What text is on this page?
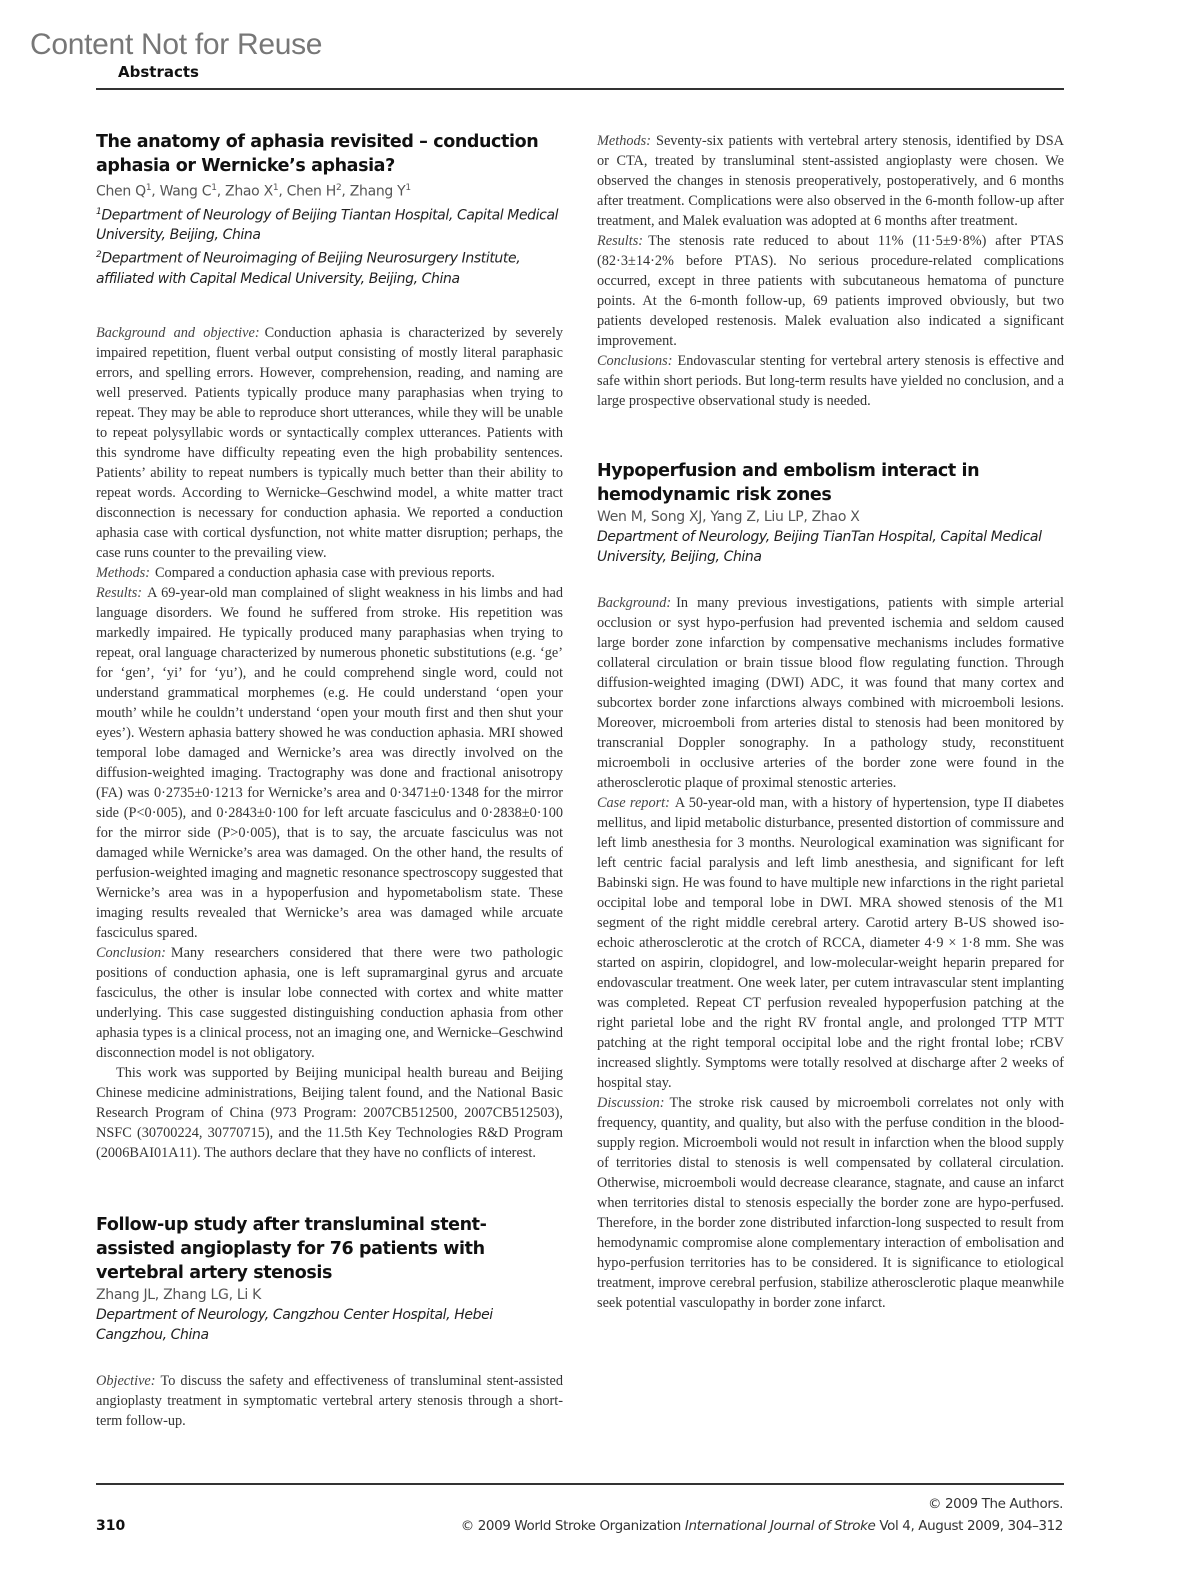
Content Not for Reuse
Abstracts
The anatomy of aphasia revisited – conduction aphasia or Wernicke’s aphasia?

Chen $Q^1$, Wang $C^1$, Zhao $X^1$, Chen $H^2$, Zhang $Y^1$

$^1$Department of Neurology of Beijing Tiantan Hospital, Capital Medical University, Beijing, China

$^2$Department of Neuroimaging of Beijing Neurosurgery Institute, affiliated with Capital Medical University, Beijing, China

Background and objective: Conduction aphasia is characterized by severely impaired repetition, fluent verbal output consisting of mostly literal paraphasic errors, and spelling errors. However, comprehension, reading, and naming are well preserved. Patients typically produce many paraphasias when trying to repeat. They may be able to reproduce short utterances, while they will be unable to repeat polysyllabic words or syntactically complex utterances. Patients with this syndrome have difficulty repeating even the high probability sentences. Patients’ ability to repeat numbers is typically much better than their ability to repeat words. According to Wernicke–Geschwind model, a white matter tract disconnection is necessary for conduction aphasia. We reported a conduction aphasia case with cortical dysfunction, not white matter disruption; perhaps, the case runs counter to the prevailing view.

Methods: Compared a conduction aphasia case with previous reports.

Results: A 69-year-old man complained of slight weakness in his limbs and had language disorders. We found he suffered from stroke. His repetition was markedly impaired. He typically produced many paraphasias when trying to repeat, oral language characterized by numerous phonetic substitutions (e.g. ‘ge’ for ‘gen’, ‘yi’ for ‘yu’), and he could comprehend single word, could not understand grammatical morphemes (e.g. He could understand ‘open your mouth’ while he couldn’t understand ‘open your mouth first and then shut your eyes’). Western aphasia battery showed he was conduction aphasia. MRI showed temporal lobe damaged and Wernicke’s area was directly involved on the diffusion-weighted imaging. Tractography was done and fractional anisotropy (FA) was 0·2735±0·1213 for Wernicke’s area and 0·3471±0·1348 for the mirror side (P<0·005), and 0·2843±0·100 for left arcuate fasciculus and 0·2838±0·100 for the mirror side (P>0·005), that is to say, the arcuate fasciculus was not damaged while Wernicke’s area was damaged. On the other hand, the results of perfusion-weighted imaging and magnetic resonance spectroscopy suggested that Wernicke’s area was in a hypoperfusion and hypometabolism state. These imaging results revealed that Wernicke’s area was damaged while arcuate fasciculus spared.

Conclusion: Many researchers considered that there were two pathologic positions of conduction aphasia, one is left supramarginal gyrus and arcuate fasciculus, the other is insular lobe connected with cortex and white matter underlying. This case suggested distinguishing conduction aphasia from other aphasia types is a clinical process, not an imaging one, and Wernicke–Geschwind disconnection model is not obligatory.

This work was supported by Beijing municipal health bureau and Beijing Chinese medicine administrations, Beijing talent found, and the National Basic Research Program of China (973 Program: 2007CB512500, 2007CB512503), NSFC (30700224, 30770715), and the 11.5th Key Technologies R&D Program (2006BAI01A11). The authors declare that they have no conflicts of interest.

Follow-up study after transluminal stent-assisted angioplasty for 76 patients with vertebral artery stenosis

Zhang JL, Zhang LG, Li K

Department of Neurology, Cangzhou Center Hospital, Hebei Cangzhou, China

Objective: To discuss the safety and effectiveness of transluminal stent-assisted angioplasty treatment in symptomatic vertebral artery stenosis through a short-term follow-up.

Methods: Seventy-six patients with vertebral artery stenosis, identified by DSA or CTA, treated by transluminal stent-assisted angioplasty were chosen. We observed the changes in stenosis preoperatively, postoperatively, and 6 months after treatment. Complications were also observed in the 6-month follow-up after treatment, and Malek evaluation was adopted at 6 months after treatment.

Results: The stenosis rate reduced to about 11% (11·5±9·8%) after PTAS (82·3±14·2% before PTAS). No serious procedure-related complications occurred, except in three patients with subcutaneous hematoma of puncture points. At the 6-month follow-up, 69 patients improved obviously, but two patients developed restenosis. Malek evaluation also indicated a significant improvement.

Conclusions: Endovascular stenting for vertebral artery stenosis is effective and safe within short periods. But long-term results have yielded no conclusion, and a large prospective observational study is needed.

Hypoperfusion and embolism interact in hemodynamic risk zones

Wen M, Song XJ, Yang Z, Liu LP, Zhao X

Department of Neurology, Beijing TianTan Hospital, Capital Medical University, Beijing, China

Background: In many previous investigations, patients with simple arterial occlusion or syst hypo-perfusion had prevented ischemia and seldom caused large border zone infarction by compensative mechanisms includes formative collateral circulation or brain tissue blood flow regulating function. Through diffusion-weighted imaging (DWI) ADC, it was found that many cortex and subcortex border zone infarctions always combined with microemboli lesions. Moreover, microemboli from arteries distal to stenosis had been monitored by transcranial Doppler sonography. In a pathology study, reconstituent microemboli in occlusive arteries of the border zone were found in the atherosclerotic plaque of proximal stenostic arteries.

Case report: A 50-year-old man, with a history of hypertension, type II diabetes mellitus, and lipid metabolic disturbance, presented distortion of commissure and left limb anesthesia for 3 months. Neurological examination was significant for left centric facial paralysis and left limb anesthesia, and significant for left Babinski sign. He was found to have multiple new infarctions in the right parietal occipital lobe and temporal lobe in DWI. MRA showed stenosis of the M1 segment of the right middle cerebral artery. Carotid artery B-US showed iso-echoic atherosclerotic at the crotch of RCCA, diameter 4·9 × 1·8 mm. She was started on aspirin, clopidogrel, and low-molecular-weight heparin prepared for endovascular treatment. One week later, per cutem intravascular stent implanting was completed. Repeat CT perfusion revealed hypoperfusion patching at the right parietal lobe and the right RV frontal angle, and prolonged TTP MTT patching at the right temporal occipital lobe and the right frontal lobe; rCBV increased slightly. Symptoms were totally resolved at discharge after 2 weeks of hospital stay.

Discussion: The stroke risk caused by microemboli correlates not only with frequency, quantity, and quality, but also with the perfuse condition in the blood-supply region. Microemboli would not result in infarction when the blood supply of territories distal to stenosis is well compensated by collateral circulation. Otherwise, microemboli would decrease clearance, stagnate, and cause an infarct when territories distal to stenosis especially the border zone are hypo-perfused. Therefore, in the border zone distributed infarction-long suspected to result from hemodynamic compromise alone complementary interaction of embolisation and hypo-perfusion territories has to be considered. It is significance to etiological treatment, improve cerebral perfusion, stabilize atherosclerotic plaque meanwhile seek potential vasculopathy in border zone infarct.

© 2009 The Authors.
310	© 2009 World Stroke Organization International Journal of Stroke Vol 4, August 2009, 304–312
